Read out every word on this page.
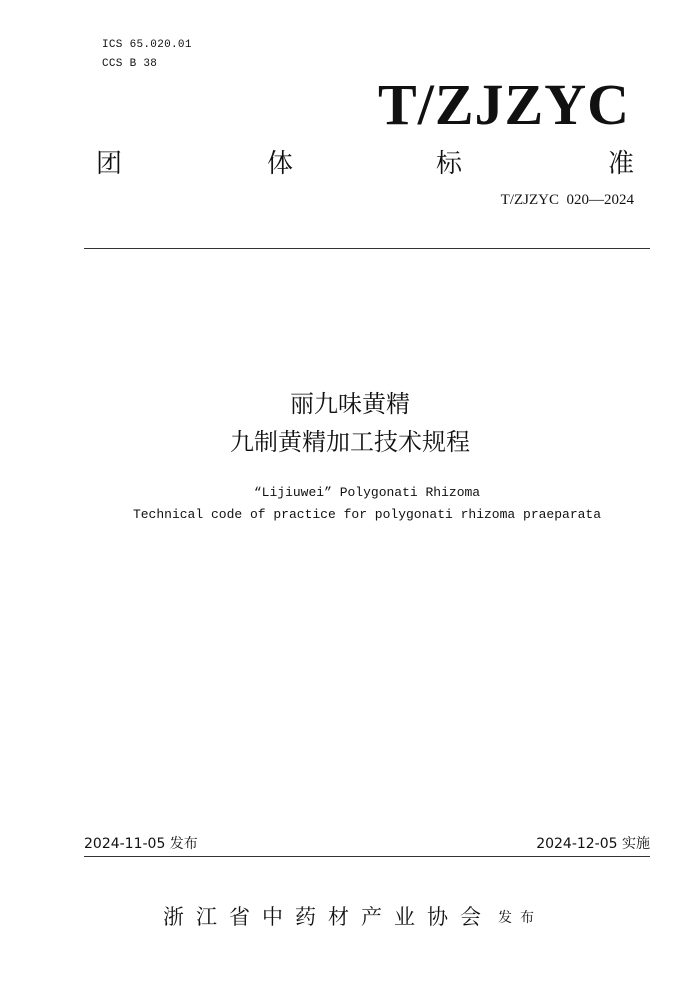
ICS 65.020.01
CCS B 38
T/ZJZYC
团	体	标	准
T/ZJZYC  020—2024
丽九味黄精
九制黄精加工技术规程
“Lijiuwei” Polygonati Rhizoma
Technical code of practice for polygonati rhizoma praeparata
2024-11-05 发布	2024-12-05 实施
浙江省中药材产业协会 发布
